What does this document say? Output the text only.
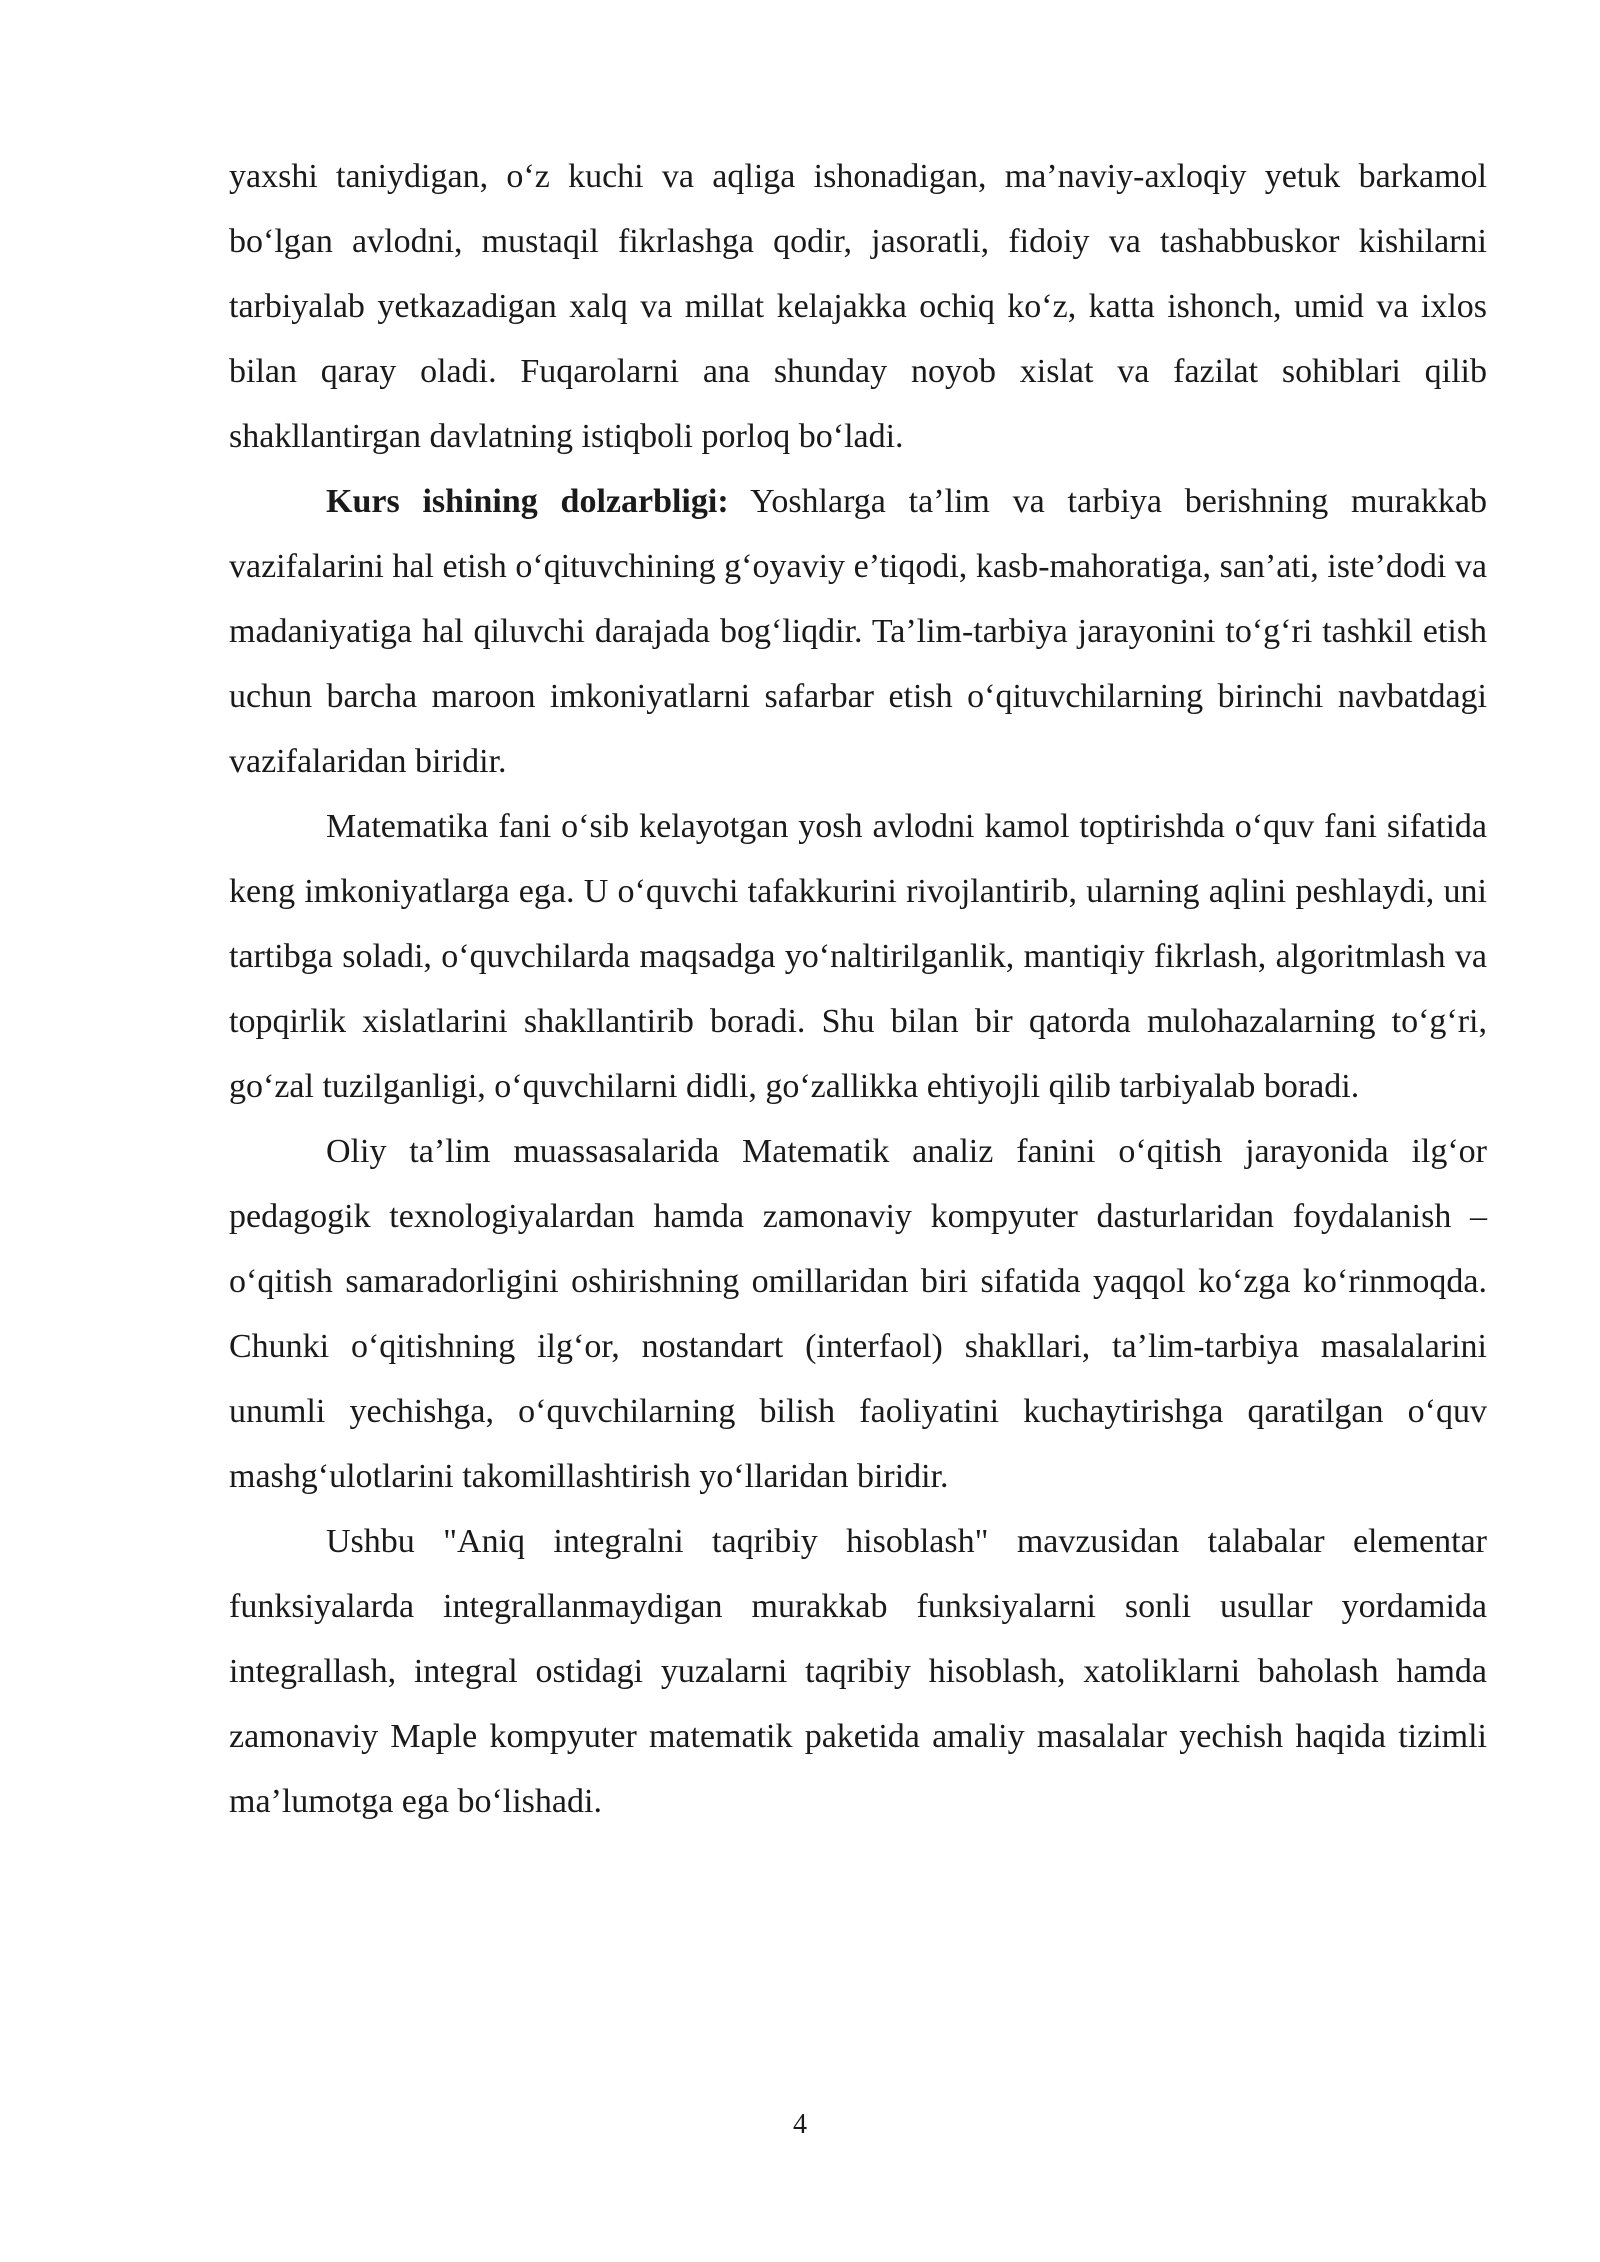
yaxshi taniydigan, o‘z kuchi va aqliga ishonadigan, ma’naviy-axloqiy yetuk barkamol bo‘lgan avlodni, mustaqil fikrlashga qodir, jasoratli, fidoiy va tashabbuskor kishilarni tarbiyalab yetkazadigan xalq va millat kelajakka ochiq ko‘z, katta ishonch, umid va ixlos bilan qaray oladi. Fuqarolarni ana shunday noyob xislat va fazilat sohiblari qilib shakllantirgan davlatning istiqboli porloq bo‘ladi.

Kurs ishining dolzarbligi: Yoshlarga ta’lim va tarbiya berishning murakkab vazifalarini hal etish o‘qituvchining g‘oyaviy e’tiqodi, kasb-mahoratiga, san’ati, iste’dodi va madaniyatiga hal qiluvchi darajada bog‘liqdir. Ta’lim-tarbiya jarayonini to‘g‘ri tashkil etish uchun barcha maroon imkoniyatlarni safarbar etish o‘qituvchilarning birinchi navbatdagi vazifalaridan biridir.

Matematika fani o‘sib kelayotgan yosh avlodni kamol toptirishda o‘quv fani sifatida keng imkoniyatlarga ega. U o‘quvchi tafakkurini rivojlantirib, ularning aqlini peshlaydi, uni tartibga soladi, o‘quvchilarda maqsadga yo‘naltirilganlik, mantiqiy fikrlash, algoritmlash va topqirlik xislatlarini shakllantirib boradi. Shu bilan bir qatorda mulohazalarning to‘g‘ri, go‘zal tuzilganligi, o‘quvchilarni didli, go‘zallikka ehtiyojli qilib tarbiyalab boradi.

Oliy ta’lim muassasalarida Matematik analiz fanini o‘qitish jarayonida ilg‘or pedagogik texnologiyalardan hamda zamonaviy kompyuter dasturlaridan foydalanish – o‘qitish samaradorligini oshirishning omillaridan biri sifatida yaqqol ko‘zga ko‘rinmoqda. Chunki o‘qitishning ilg‘or, nostandart (interfaol) shakllari, ta’lim-tarbiya masalalarini unumli yechishga, o‘quvchilarning bilish faoliyatini kuchaytirishga qaratilgan o‘quv mashg‘ulotlarini takomillashtirish yo‘llaridan biridir.

Ushbu "Aniq integralni taqribiy hisoblash" mavzusidan talabalar elementar funksiyalarda integrallanmaydigan murakkab funksiyalarni sonli usullar yordamida integrallash, integral ostidagi yuzalarni taqribiy hisoblash, xatoliklarni baholash hamda zamonaviy Maple kompyuter matematik paketida amaliy masalalar yechish haqida tizimli ma’lumotga ega bo‘lishadi.

4
